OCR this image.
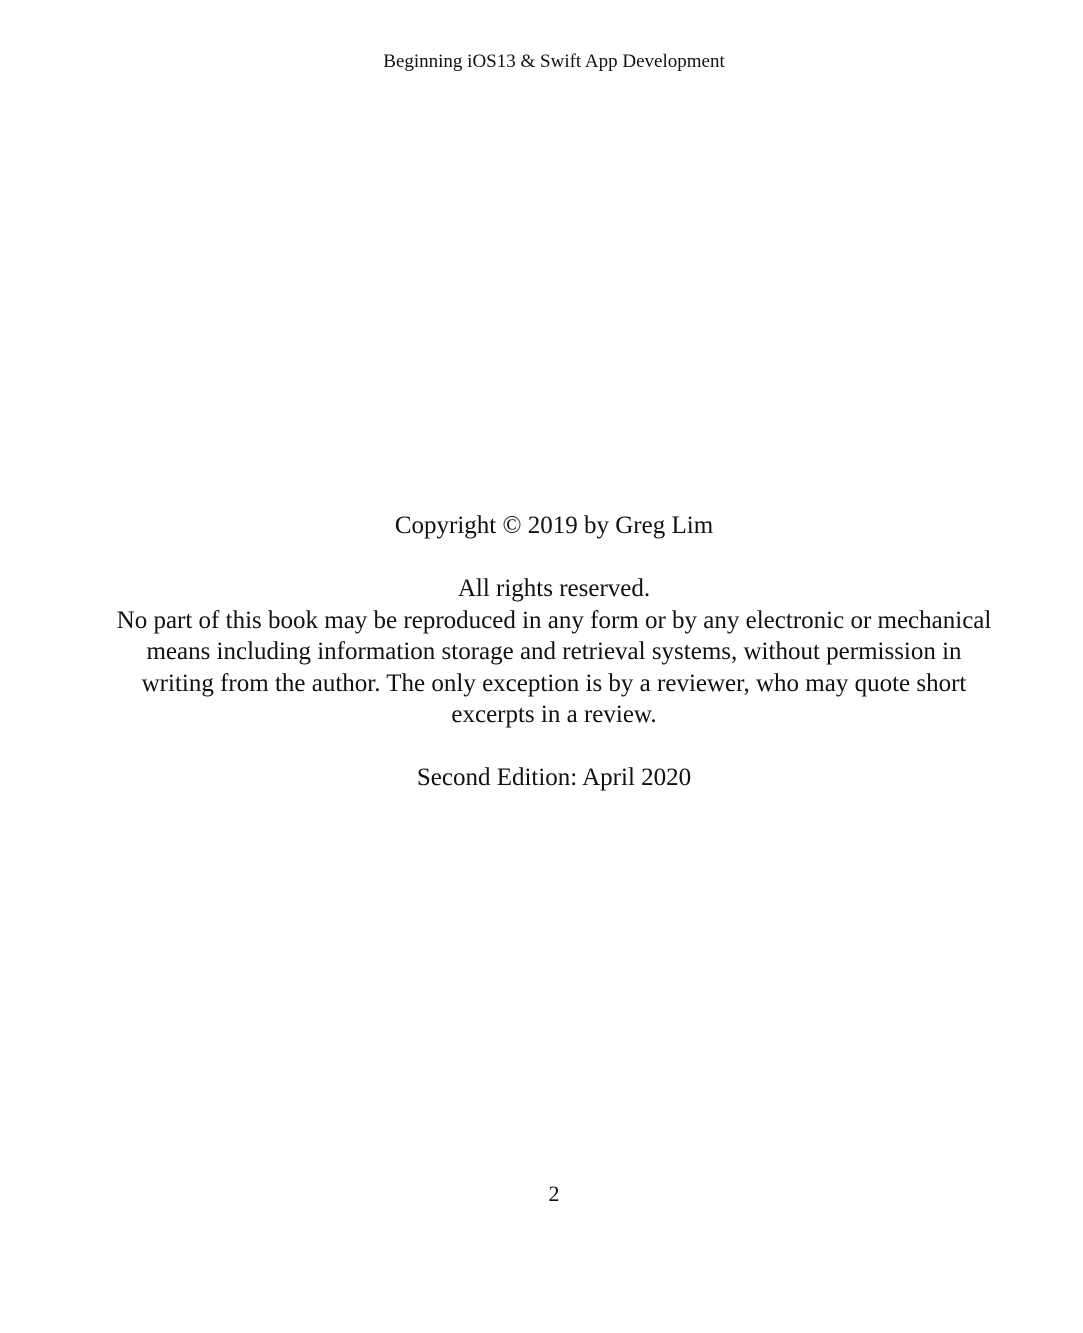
Beginning iOS13 & Swift App Development

Copyright © 2019 by Greg Lim

All rights reserved.

No part of this book may be reproduced in any form or by any electronic or mechanical means including information storage and retrieval systems, without permission in writing from the author. The only exception is by a reviewer, who may quote short excerpts in a review.

Second Edition: April 2020

2
